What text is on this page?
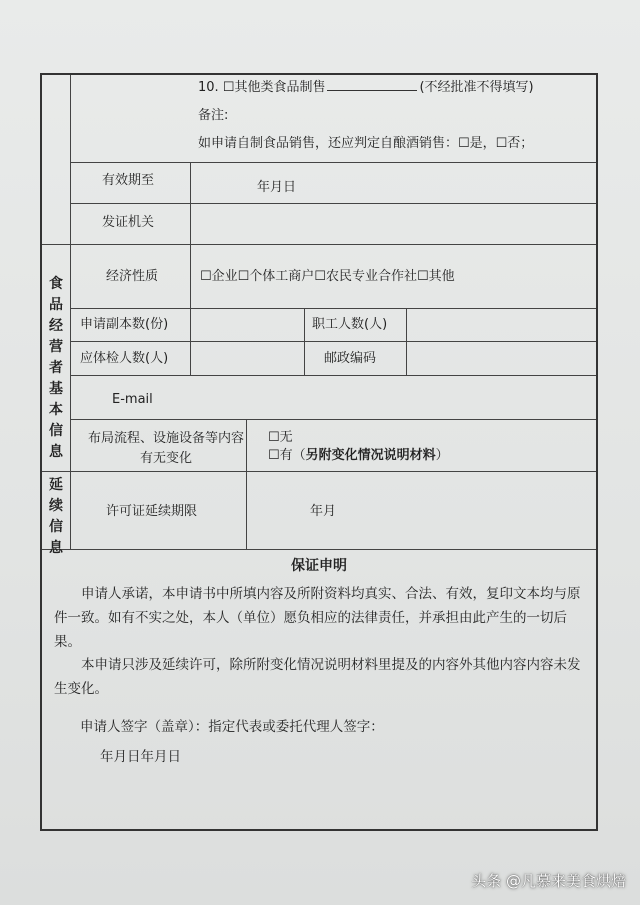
10. ☐其他类食品制售	(不经批准不得填写)
备注:
如申请自制食品销售，还应判定自酿酒销售：☐是，☐否；
有效期至	年月日
发证机关
食品经营者基本信息
经济性质	☐企业☐个体工商户☐农民专业合作社☐其他
申请副本数(份)	职工人数(人)
应体检人数(人)	邮政编码
E-mail
布局流程、设施设备等内容有无变化
☐无
☐有（另附变化情况说明材料）
延续信息
许可证延续期限	年月
保证申明
申请人承诺，本申请书中所填内容及所附资料均真实、合法、有效，复印文本均与原件一致。如有不实之处，本人（单位）愿负相应的法律责任，并承担由此产生的一切后果。
本申请只涉及延续许可，除所附变化情况说明材料里提及的内容外其他内容内容未发生变化。
申请人签字（盖章）：指定代表或委托代理人签字：
年月日年月日
头条 @凡慕来美食烘焙
